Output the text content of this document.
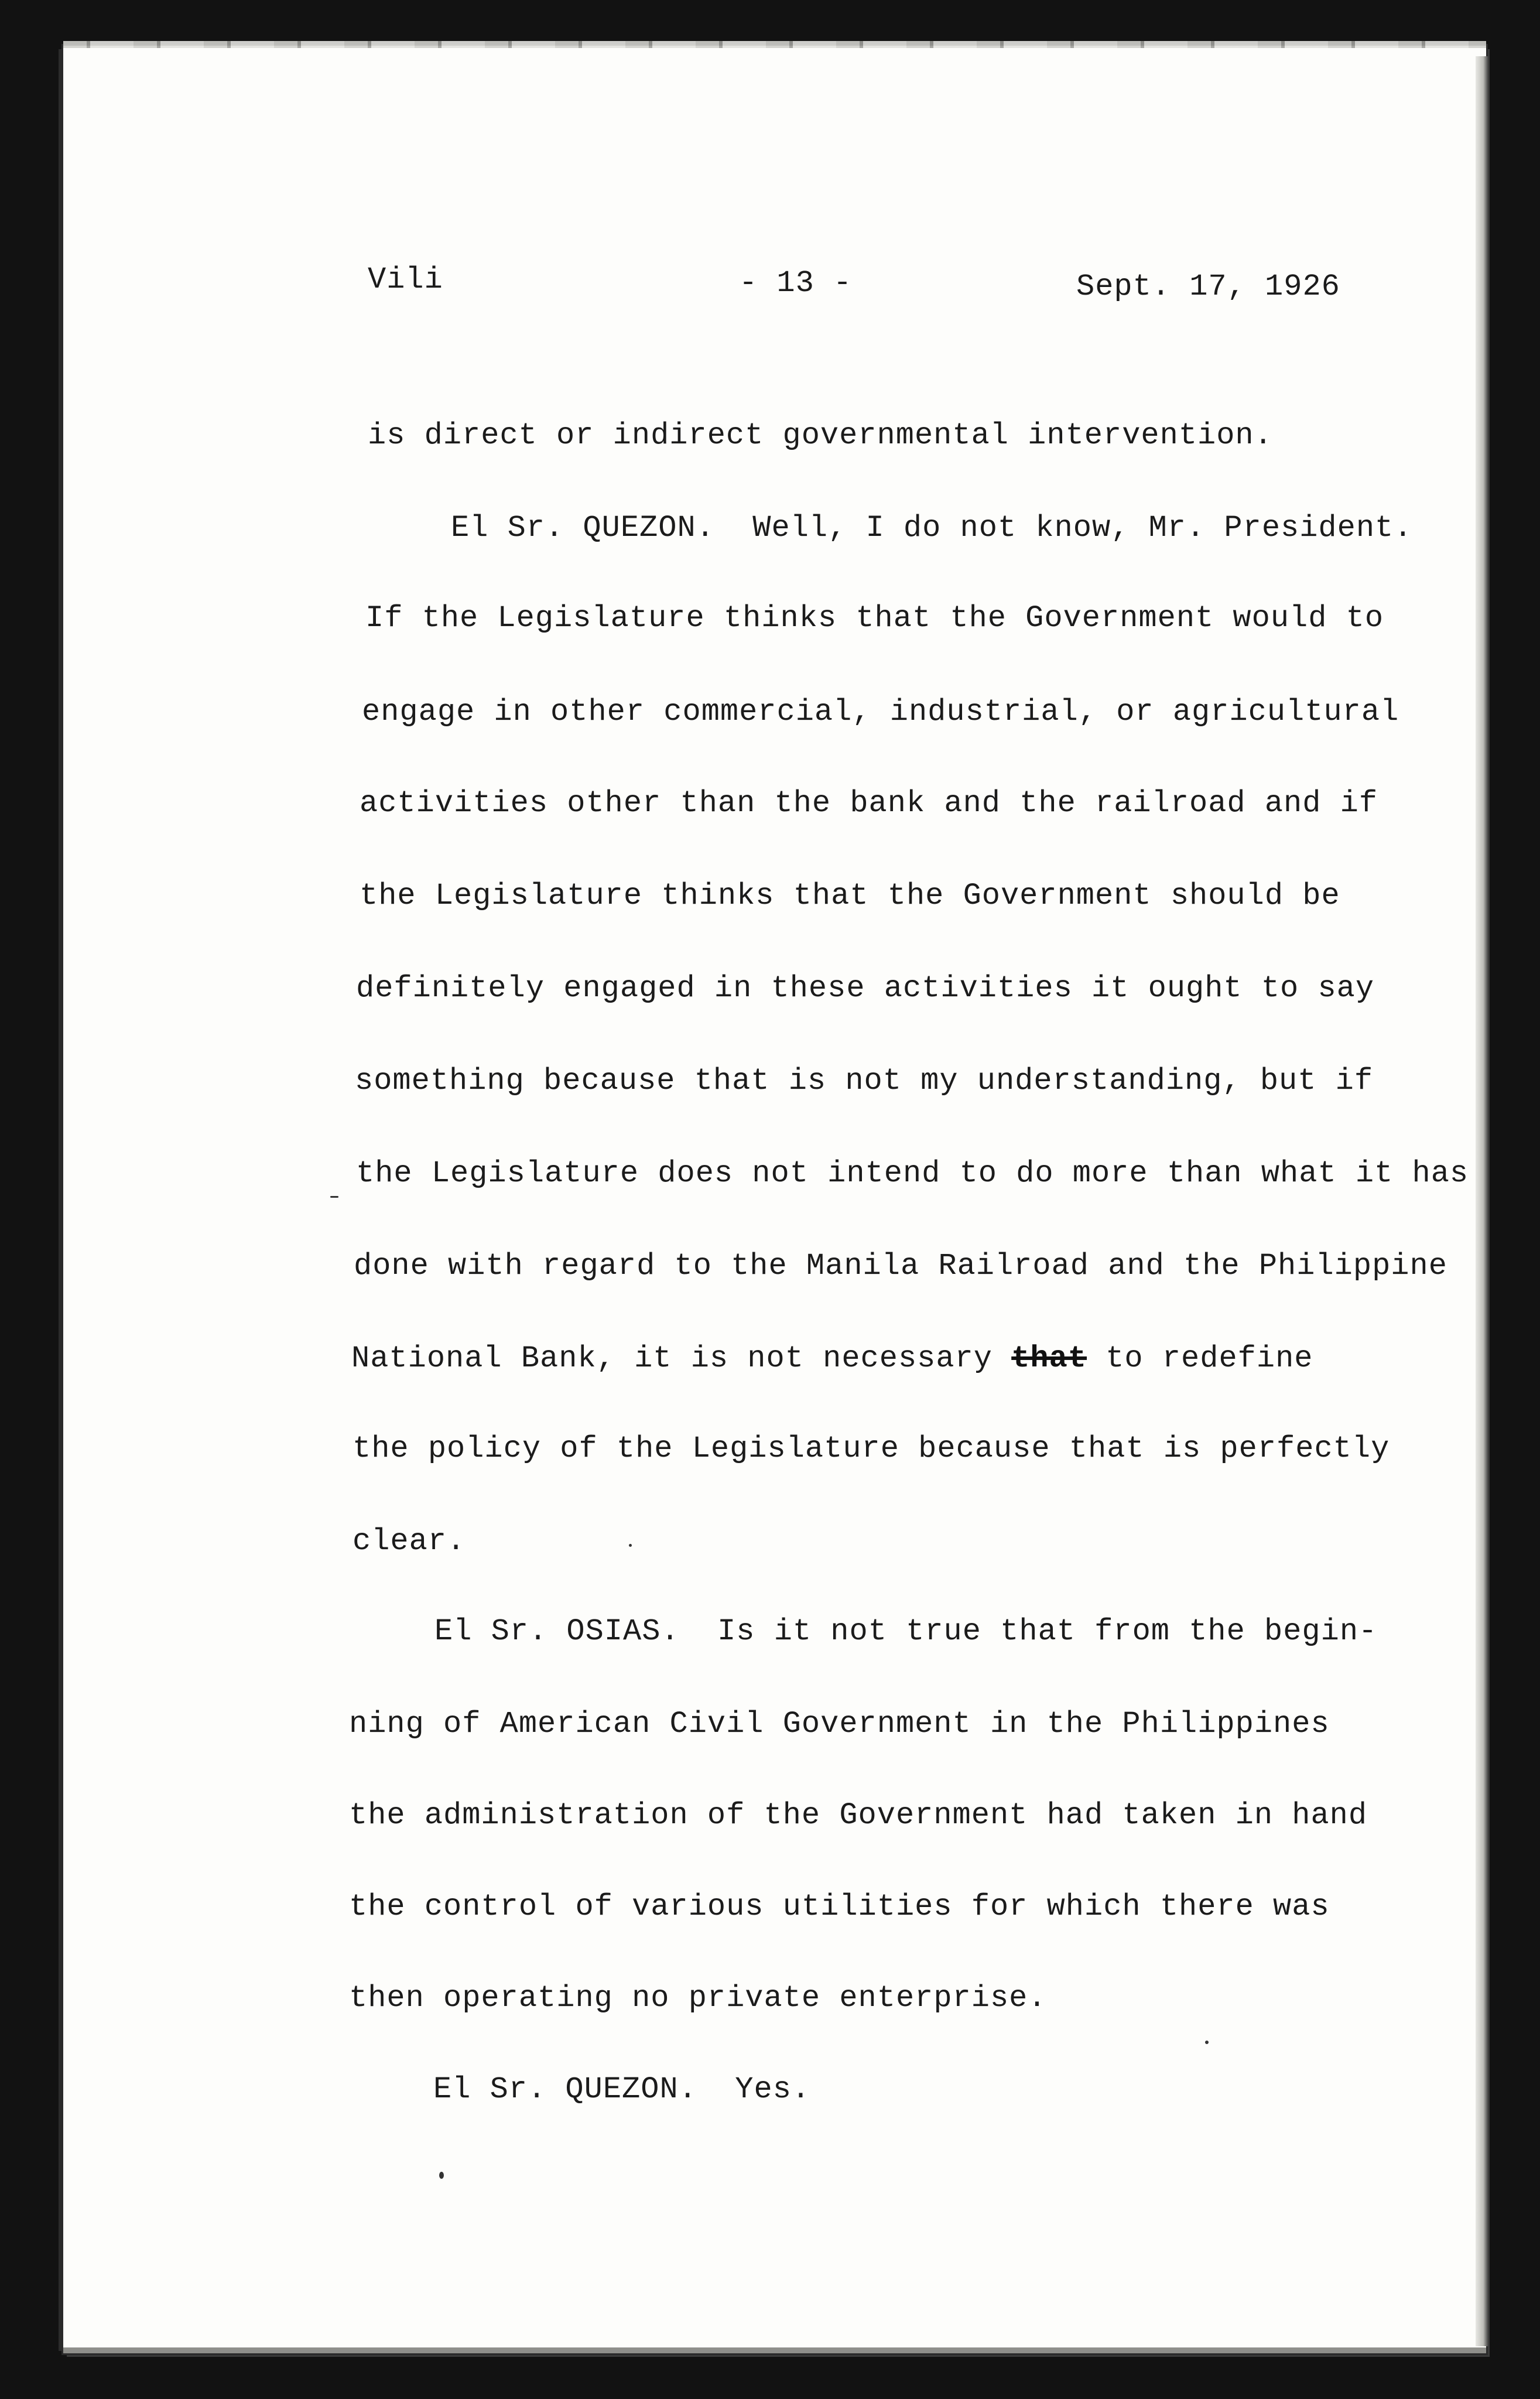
Vili	- 13 -	Sept. 17, 1926
is direct or indirect governmental intervention.
El Sr. QUEZON.  Well, I do not know, Mr. President.
If the Legislature thinks that the Government would to
engage in other commercial, industrial, or agricultural
activities other than the bank and the railroad and if
the Legislature thinks that the Government should be
definitely engaged in these activities it ought to say
something because that is not my understanding, but if
the Legislature does not intend to do more than what it has
done with regard to the Manila Railroad and the Philippine
National Bank, it is not necessary that to redefine
the policy of the Legislature because that is perfectly
clear.
El Sr. OSIAS.  Is it not true that from the begin-
ning of American Civil Government in the Philippines
the administration of the Government had taken in hand
the control of various utilities for which there was
then operating no private enterprise.
El Sr. QUEZON.  Yes.
